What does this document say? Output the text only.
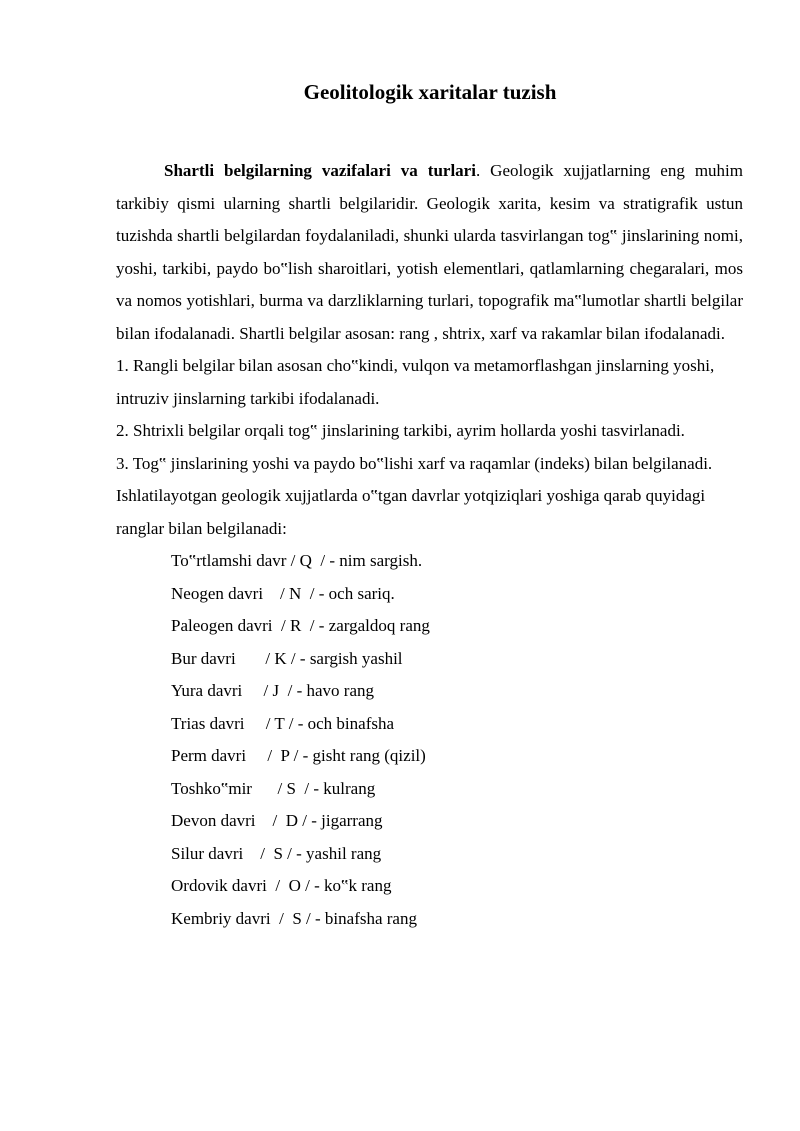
Geolitologik xaritalar tuzish

Shartli belgilarning vazifalari va turlari. Geologik xujjatlarning eng muhim tarkibiy qismi ularning shartli belgilaridir. Geologik xarita, kesim va stratigrafik ustun tuzishda shartli belgilardan foydalaniladi, shunki ularda tasvirlangan tog‟ jinslarining nomi, yoshi, tarkibi, paydo bo‟lish sharoitlari, yotish elementlari, qatlamlarning chegaralari, mos va nomos yotishlari, burma va darzliklarning turlari, topografik ma‟lumotlar shartli belgilar bilan ifodalanadi. Shartli belgilar asosan: rang , shtrix, xarf va rakamlar bilan ifodalanadi.

1. Rangli belgilar bilan asosan cho‟kindi, vulqon va metamorflashgan jinslarning yoshi, intruziv jinslarning tarkibi ifodalanadi.

2. Shtrixli belgilar orqali tog‟ jinslarining tarkibi, ayrim hollarda yoshi tasvirlanadi.

3. Tog‟ jinslarining yoshi va paydo bo‟lishi xarf va raqamlar (indeks) bilan belgilanadi.

Ishlatilayotgan geologik xujjatlarda o‟tgan davrlar yotqiziqlari yoshiga qarab quyidagi ranglar bilan belgilanadi:

To‟rtlamshi davr / Q  / - nim sargish.
Neogen davri    / N  / - och sariq.
Paleogen davri  / R  / - zargaldoq rang
Bur davri       / K / - sargish yashil
Yura davri     / J  / - havo rang
Trias davri     / T / - och binafsha
Perm davri     /  P / - gisht rang (qizil)
Toshko‟mir      / S  / - kulrang
Devon davri    /  D / - jigarrang
Silur davri    /  S / - yashil rang
Ordovik davri  /  O / - ko‟k rang
Kembriy davri  /  S / - binafsha rang
